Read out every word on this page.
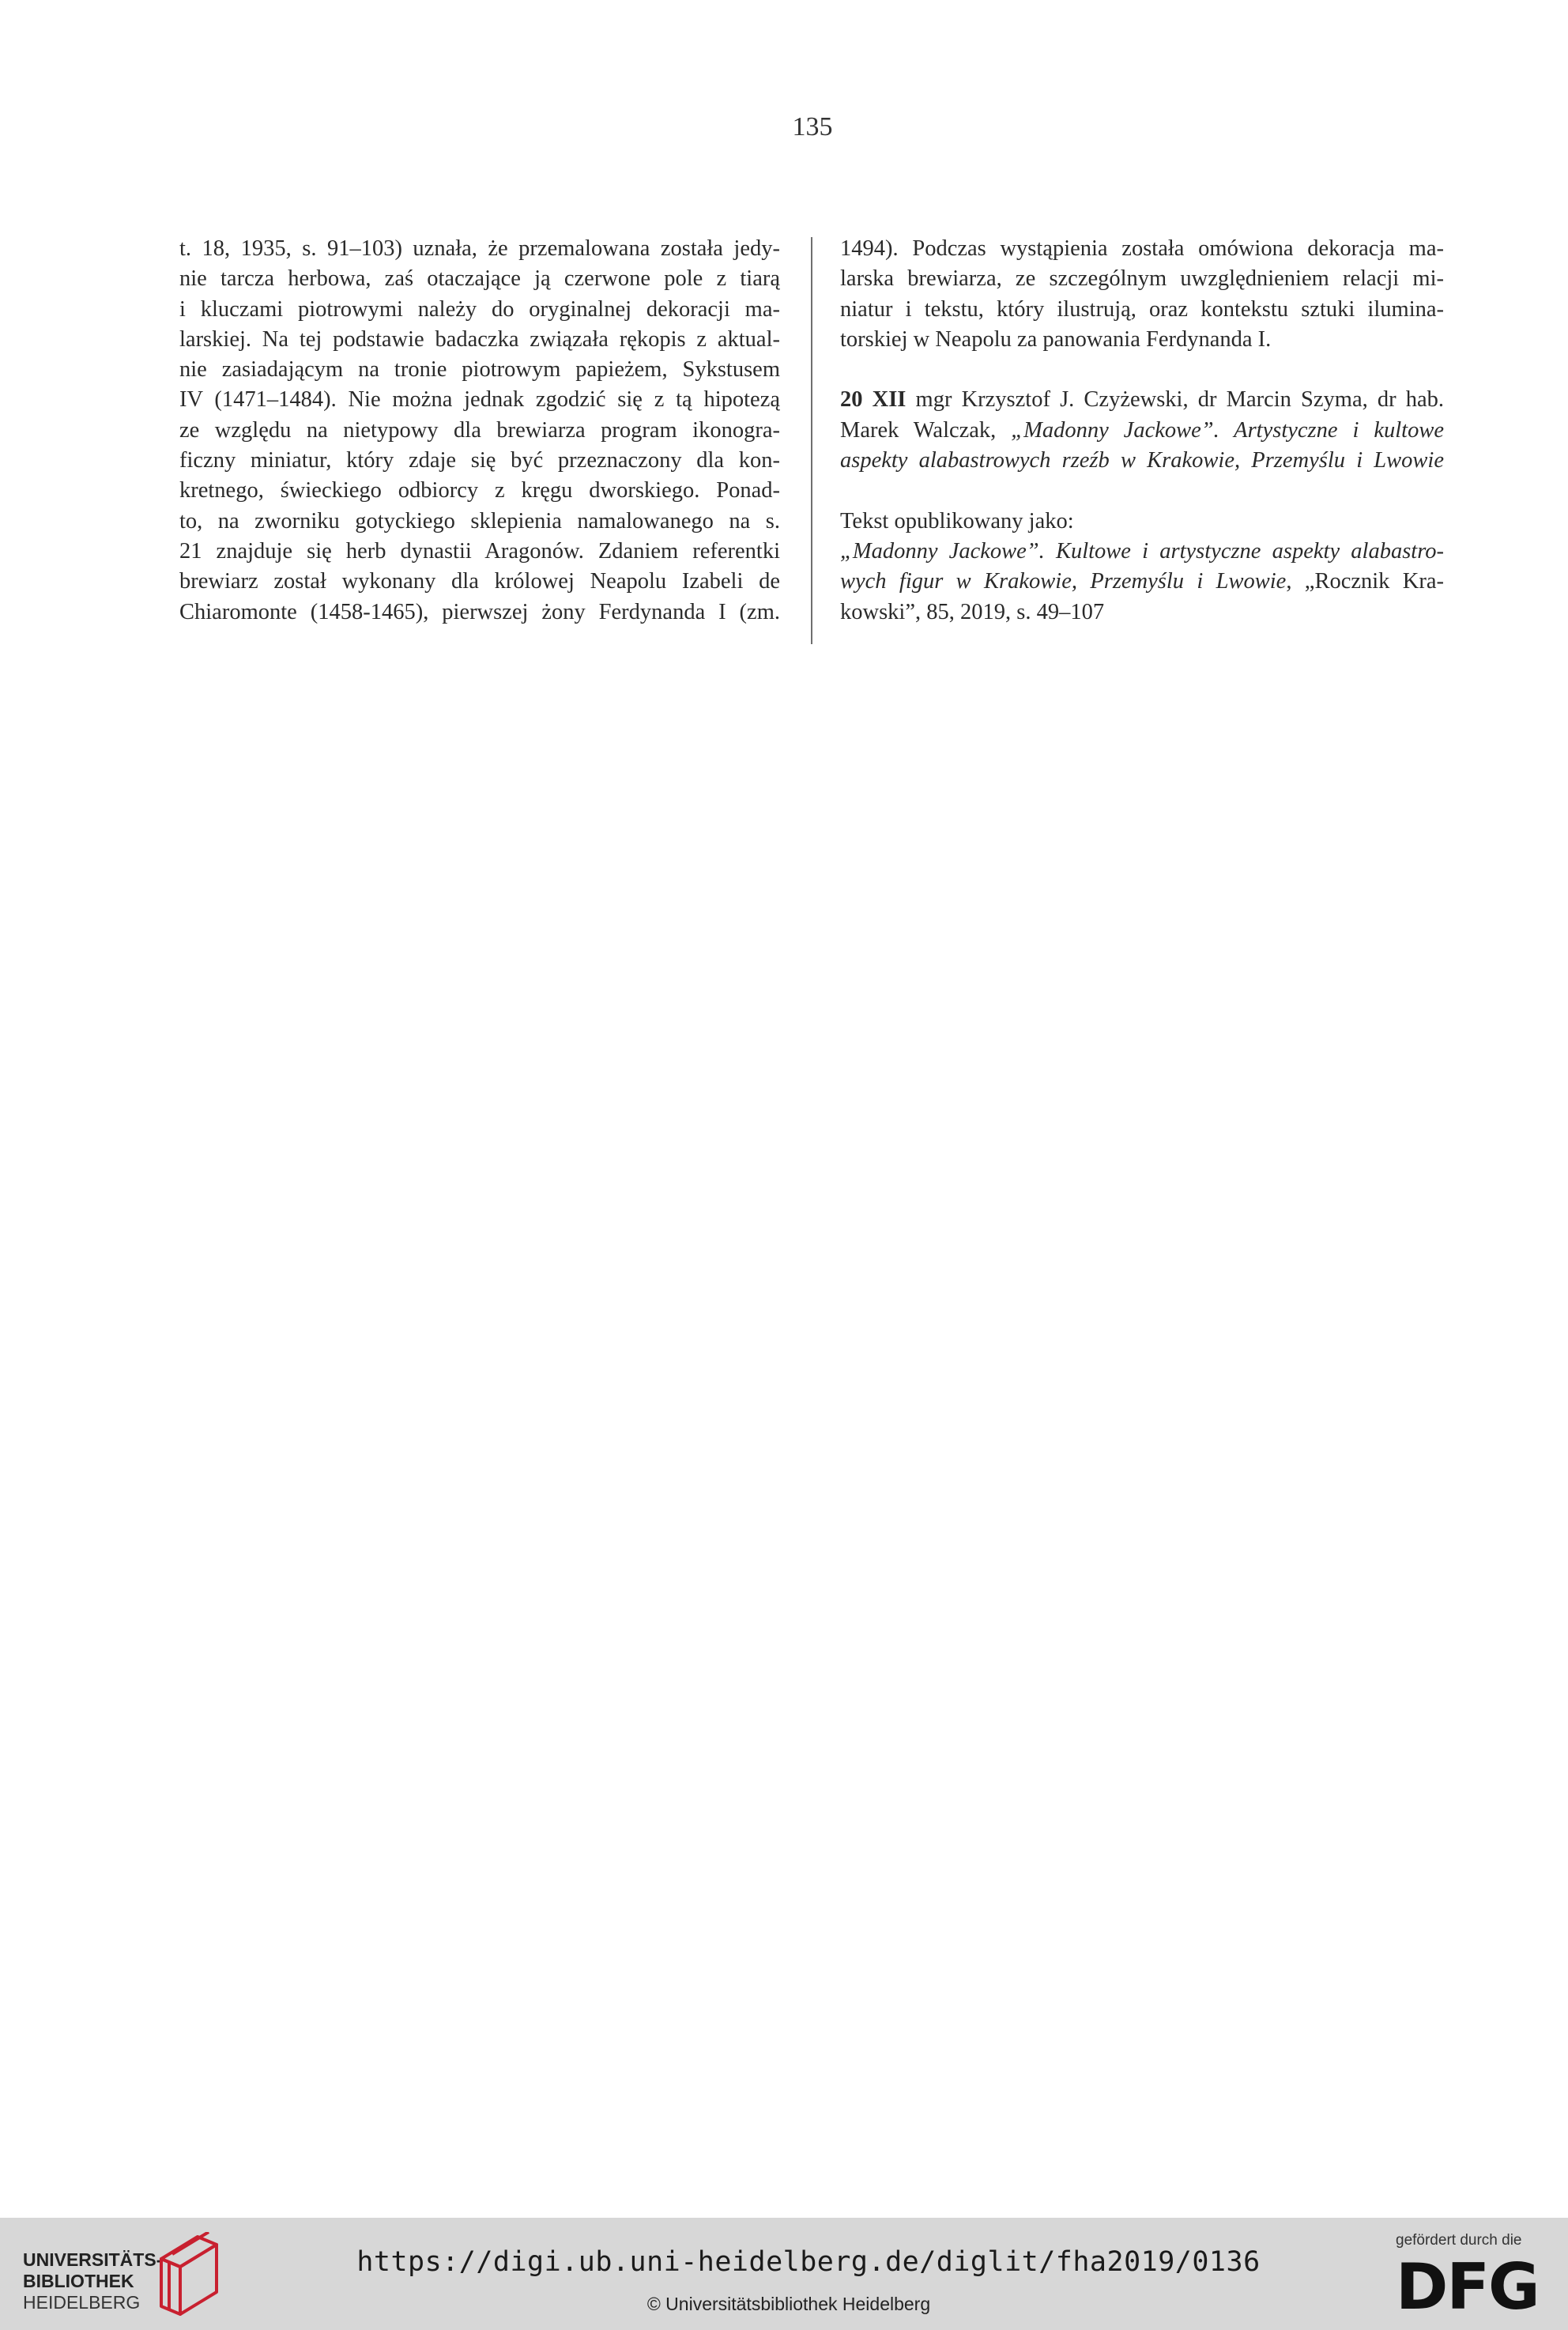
135
t. 18, 1935, s. 91–103) uznała, że przemalowana została jedy-
nie tarcza herbowa, zaś otaczające ją czerwone pole z tiarą
i kluczami piotrowymi należy do oryginalnej dekoracji ma-
larskiej. Na tej podstawie badaczka związała rękopis z aktual-
nie zasiadającym na tronie piotrowym papieżem, Sykstusem
IV (1471–1484). Nie można jednak zgodzić się z tą hipotezą
ze względu na nietypowy dla brewiarza program ikonogra-
ficzny miniatur, który zdaje się być przeznaczony dla kon-
kretnego, świeckiego odbiorcy z kręgu dworskiego. Ponad-
to, na zworniku gotyckiego sklepienia namalowanego na s.
21 znajduje się herb dynastii Aragonów. Zdaniem referentki
brewiarz został wykonany dla królowej Neapolu Izabeli de
Chiaromonte (1458-1465), pierwszej żony Ferdynanda I (zm.
1494). Podczas wystąpienia została omówiona dekoracja ma-
larska brewiarza, ze szczególnym uwzględnieniem relacji mi-
niatur i tekstu, który ilustrują, oraz kontekstu sztuki ilumina-
torskiej w Neapolu za panowania Ferdynanda I.
20 XII mgr Krzysztof J. Czyżewski, dr Marcin Szyma, dr hab.
Marek Walczak, „Madonny Jackowe”. Artystyczne i kultowe
aspekty alabastrowych rzeźb w Krakowie, Przemyślu i Lwowie
Tekst opublikowany jako:
„Madonny Jackowe”. Kultowe i artystyczne aspekty alabastro-
wych figur w Krakowie, Przemyślu i Lwowie, „Rocznik Kra-
kowski”, 85, 2019, s. 49–107
UNIVERSITÄTS-
BIBLIOTHEK
HEIDELBERG
https://digi.ub.uni-heidelberg.de/diglit/fha2019/0136
© Universitätsbibliothek Heidelberg
gefördert durch die
DFG
